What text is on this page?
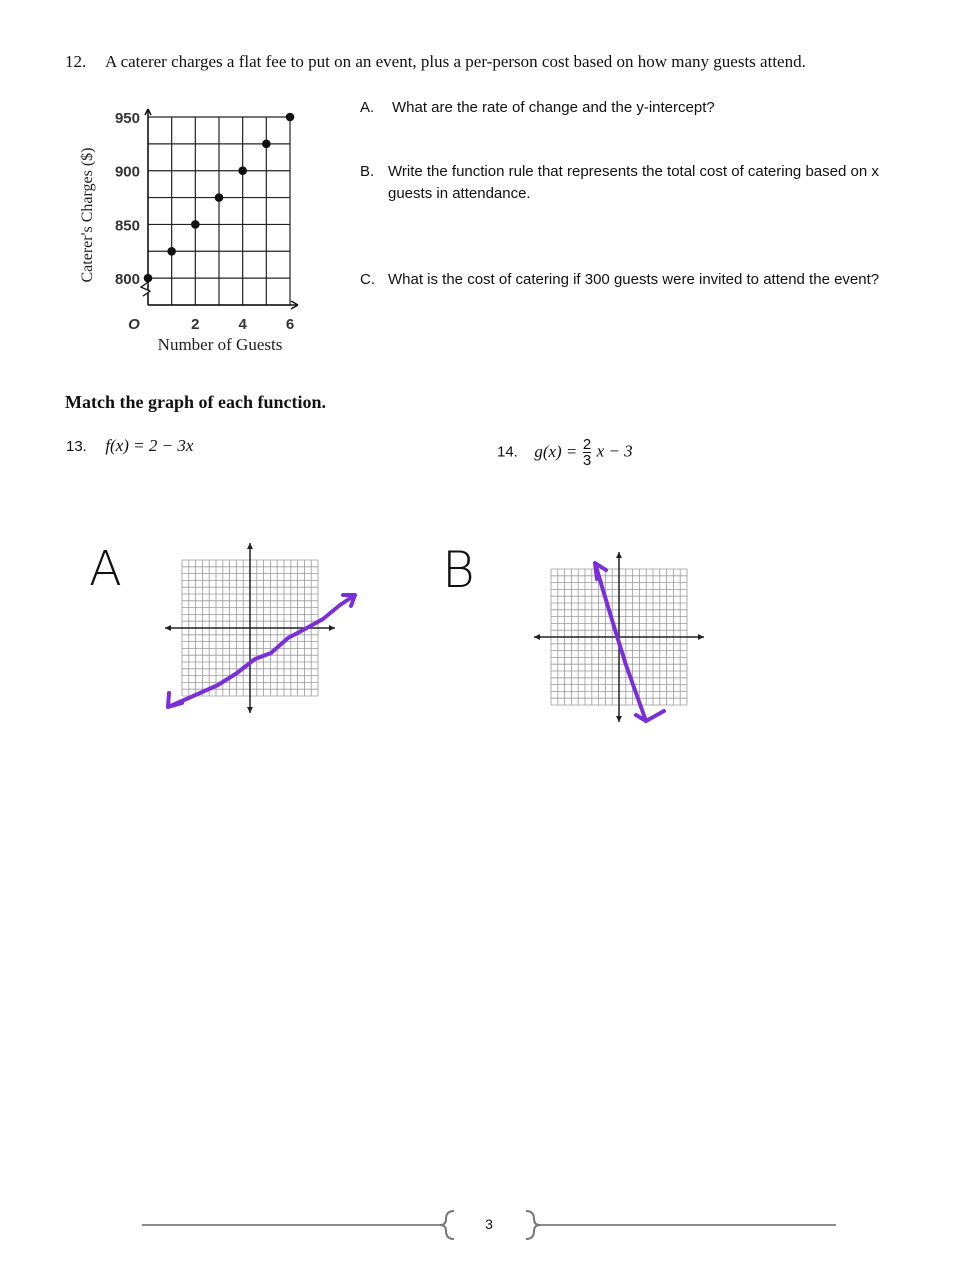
12. A caterer charges a flat fee to put on an event, plus a per-person cost based on how many guests attend.
950
900
850
800
O	2	4	6
Number of Guests
Caterer's Charges ($)
A. What are the rate of change and the y-intercept?
B. Write the function rule that represents the total cost of catering based on x guests in attendance.
C. What is the cost of catering if 300 guests were invited to attend the event?
Match the graph of each function.
13. f(x) = 2 − 3x	14. $g(x) = \frac{2}{3}$ x − 3
A	B
3
